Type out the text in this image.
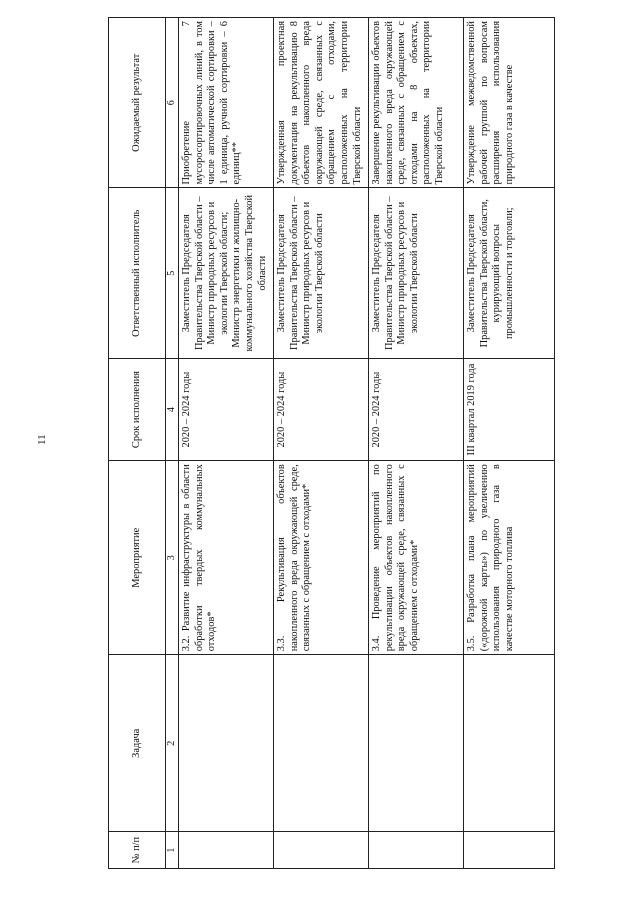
11
№ п/п	Задача	Мероприятие	Срок исполнения	Ответственный исполнитель	Ожидаемый результат
1	2	3	4	5	6
		3.2. Развитие инфраструктуры в области обработки твердых коммунальных отходов*	2020 – 2024 годы	Заместитель Председателя Правительства Тверской области – Министр природных ресурсов и экологии Тверской области; Министр энергетики и жилищно-коммунального хозяйства Тверской области	Приобретение 7 мусоросортировочных линий, в том числе автоматической сортировки – 1 единица, ручной сортировки – 6 единиц**
		3.3. Рекультивация объектов накопленного вреда окружающей среде, связанных с обращением с отходами*	2020 – 2024 годы	Заместитель Председателя Правительства Тверской области – Министр природных ресурсов и экологии Тверской области	Утвержденная проектная документация на рекультивацию 8 объектов накопленного вреда окружающей среде, связанных с обращением с отходами, расположенных на территории Тверской области
		3.4. Проведение мероприятий по рекультивации объектов накопленного вреда окружающей среде, связанных с обращением с отходами*	2020 – 2024 годы	Заместитель Председателя Правительства Тверской области – Министр природных ресурсов и экологии Тверской области	Завершение рекультивации объектов накопленного вреда окружающей среде, связанных с обращением с отходами на 8 объектах, расположенных на территории Тверской области
		3.5. Разработка плана мероприятий («дорожной карты») по увеличению использования природного газа в качестве моторного топлива	III квартал 2019 года	Заместитель Председателя Правительства Тверской области, курирующий вопросы промышленности и торговли;	Утверждение межведомственной рабочей группой по вопросам расширения использования природного газа в качестве
